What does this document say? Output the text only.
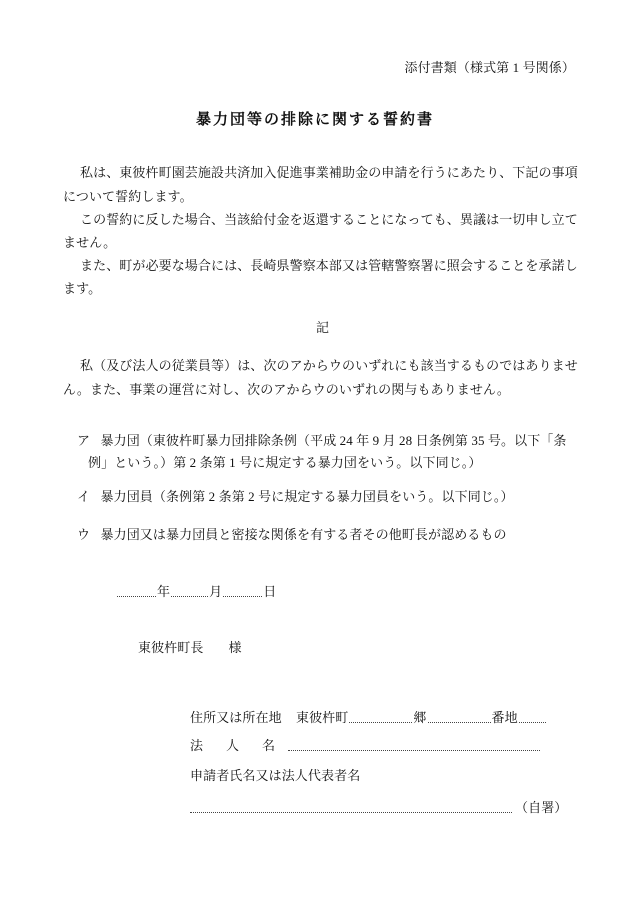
添付書類（様式第 1 号関係）
暴力団等の排除に関する誓約書
私は、東彼杵町園芸施設共済加入促進事業補助金の申請を行うにあたり、下記の事項
について誓約します。
この誓約に反した場合、当該給付金を返還することになっても、異議は一切申し立て
ません。
また、町が必要な場合には、長崎県警察本部又は管轄警察署に照会することを承諾し
ます。
記
私（及び法人の従業員等）は、次のアからウのいずれにも該当するものではありませ
ん。また、事業の運営に対し、次のアからウのいずれの関与もありません。
ア 暴力団（東彼杵町暴力団排除条例（平成 24 年 9 月 28 日条例第 35 号。以下「条
例」という。）第 2 条第 1 号に規定する暴力団をいう。以下同じ。）
イ 暴力団員（条例第 2 条第 2 号に規定する暴力団員をいう。以下同じ。）
ウ 暴力団又は暴力団員と密接な関係を有する者その他町長が認めるもの
年	月	日
東彼杵町長 様
住所又は所在地 東彼杵町	郷	番地
法人名
申請者氏名又は法人代表者名
（自署）
